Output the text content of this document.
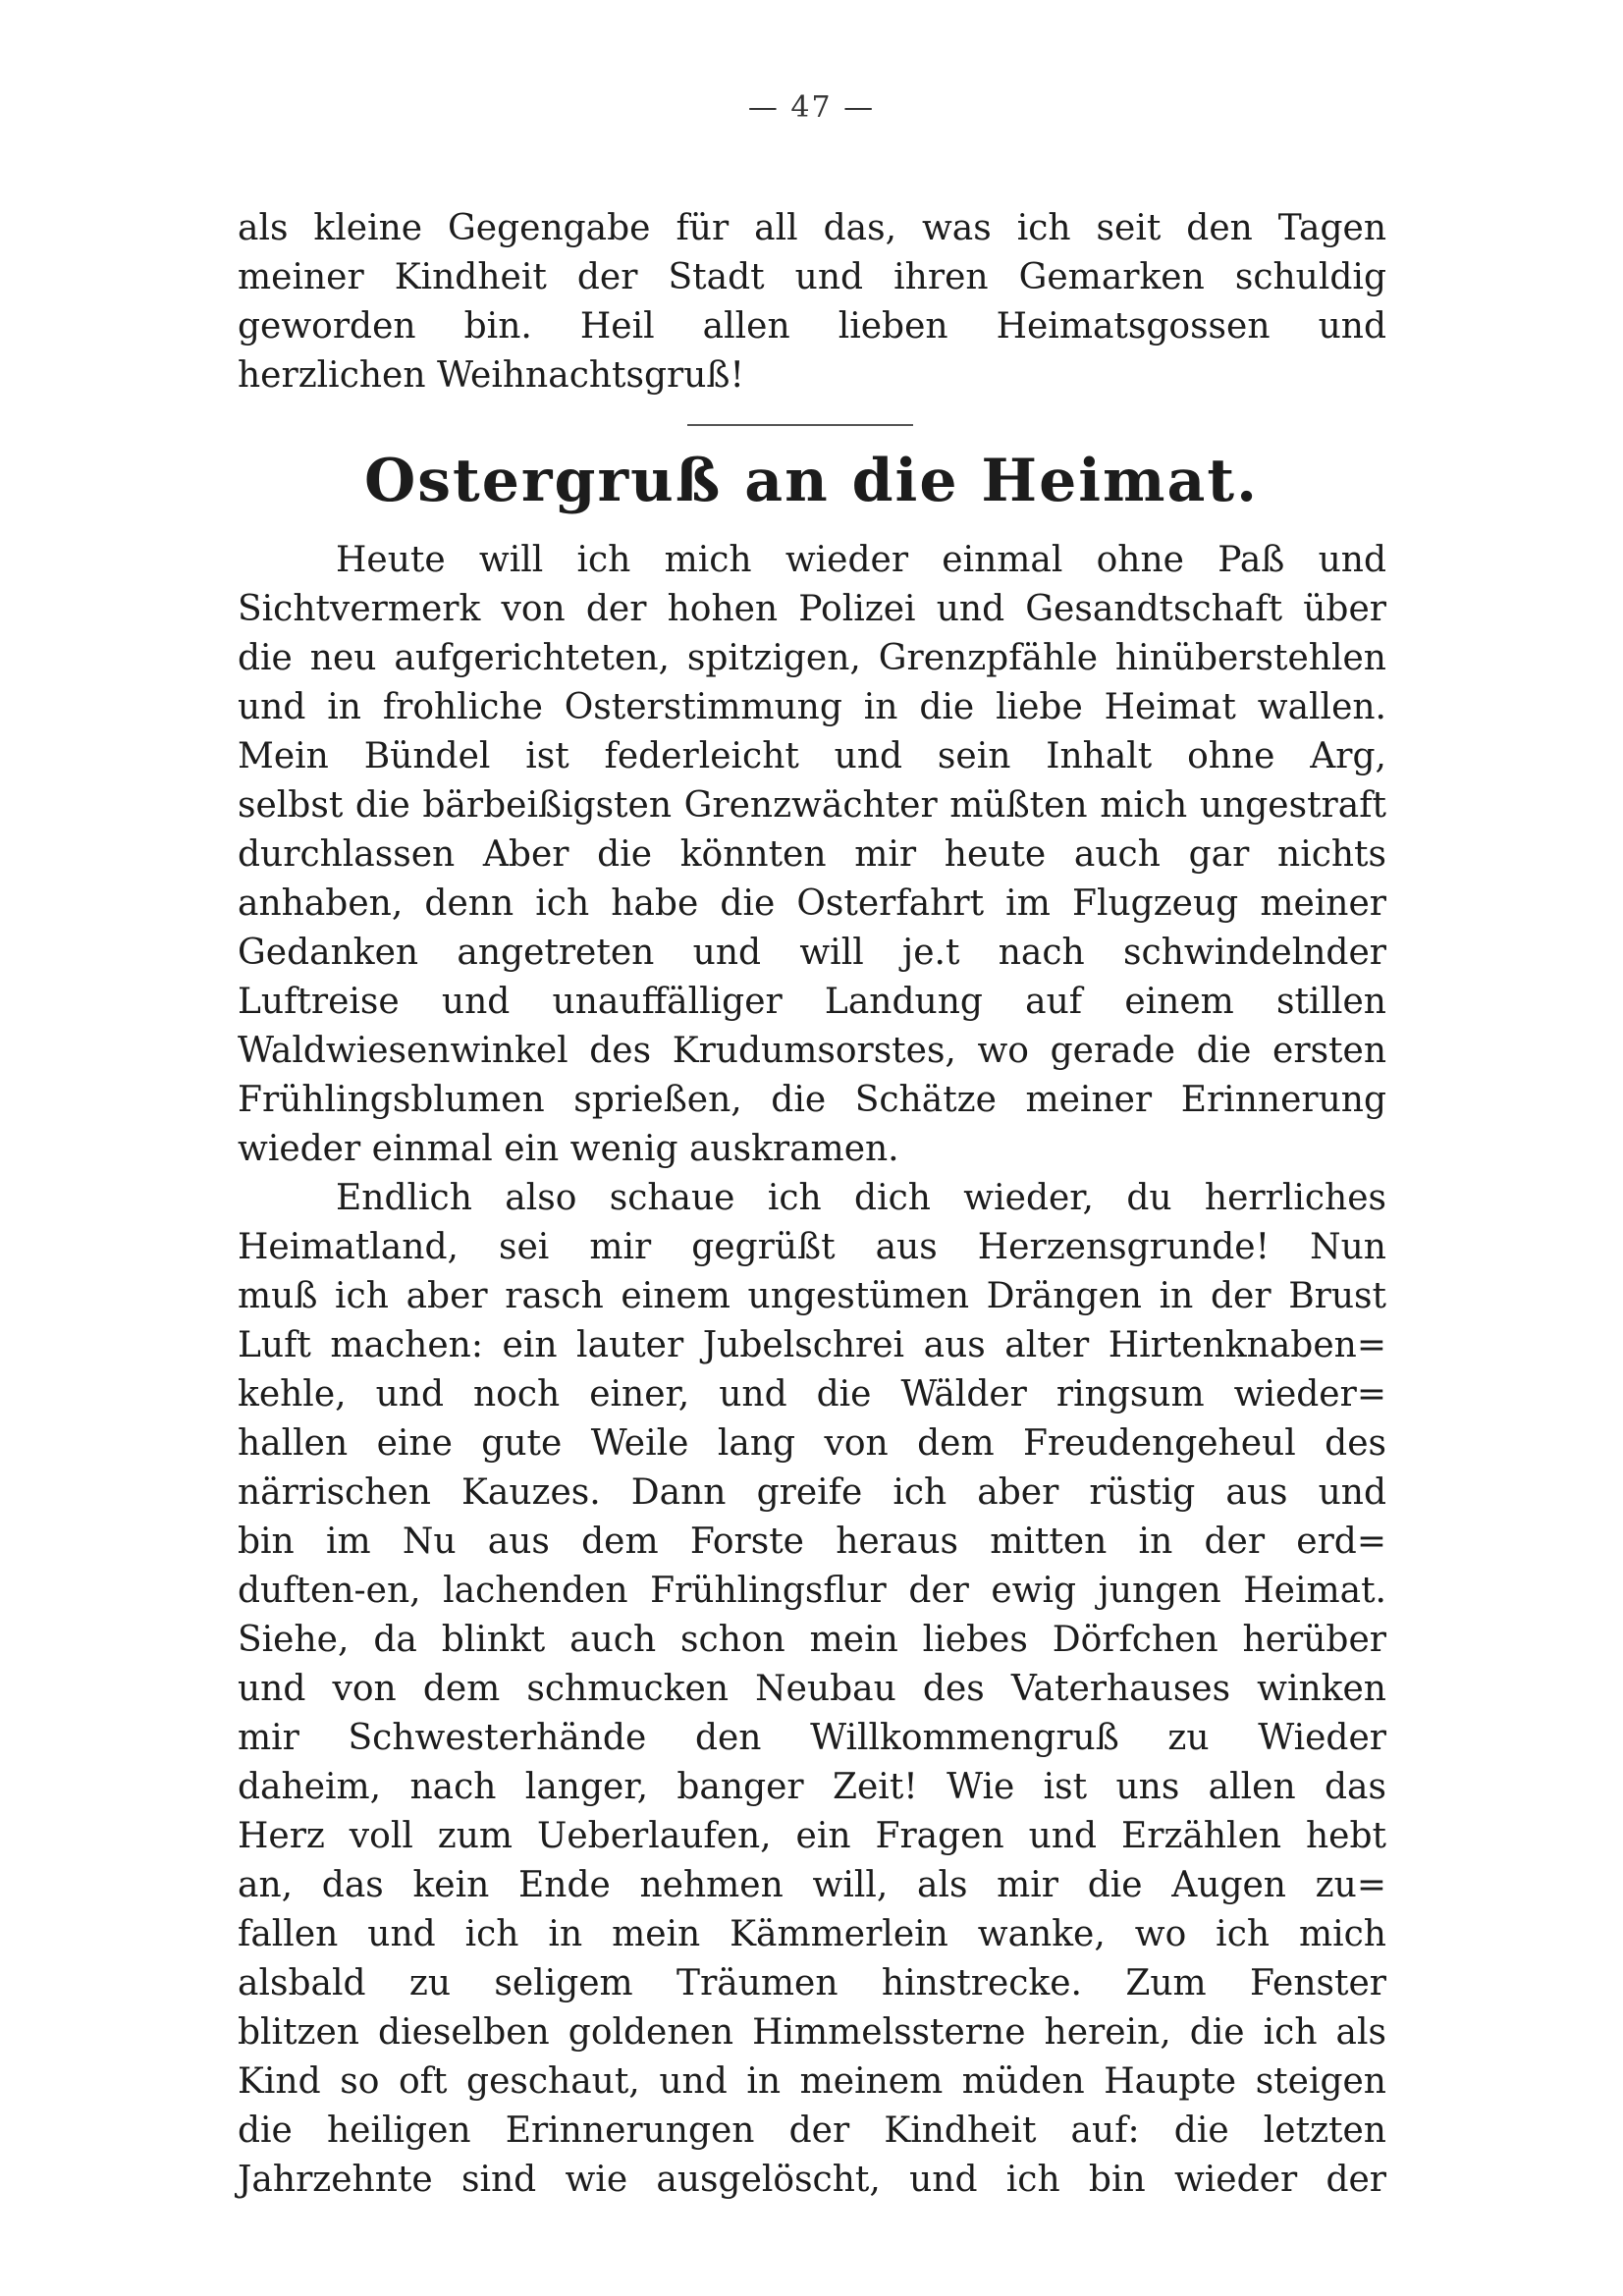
— 47 —
als kleine Gegengabe für all das, was ich seit den Tagen
meiner Kindheit der Stadt und ihren Gemarken schuldig
geworden bin. Heil allen lieben Heimatsgossen und
herzlichen Weihnachtsgruß!
Ostergruß an die Heimat.
Heute will ich mich wieder einmal ohne Paß und
Sichtvermerk von der hohen Polizei und Gesandtschaft über
die neu aufgerichteten, spitzigen, Grenzpfähle hinüberstehlen
und in frohliche Osterstimmung in die liebe Heimat wallen.
Mein Bündel ist federleicht und sein Inhalt ohne Arg,
selbst die bärbeißigsten Grenzwächter müßten mich ungestraft
durchlassen Aber die könnten mir heute auch gar nichts
anhaben, denn ich habe die Osterfahrt im Flugzeug meiner
Gedanken angetreten und will je.t nach schwindelnder
Luftreise und unauffälliger Landung auf einem stillen
Waldwiesenwinkel des Krudumsorstes, wo gerade die ersten
Frühlingsblumen sprießen, die Schätze meiner Erinnerung
wieder einmal ein wenig auskramen.
Endlich also schaue ich dich wieder, du herrliches
Heimatland, sei mir gegrüßt aus Herzensgrunde! Nun
muß ich aber rasch einem ungestümen Drängen in der Brust
Luft machen: ein lauter Jubelschrei aus alter Hirtenknaben=
kehle, und noch einer, und die Wälder ringsum wieder=
hallen eine gute Weile lang von dem Freudengeheul des
närrischen Kauzes. Dann greife ich aber rüstig aus und
bin im Nu aus dem Forste heraus mitten in der erd=
duften-en, lachenden Frühlingsflur der ewig jungen Heimat.
Siehe, da blinkt auch schon mein liebes Dörfchen herüber
und von dem schmucken Neubau des Vaterhauses winken
mir Schwesterhände den Willkommengruß zu Wieder
daheim, nach langer, banger Zeit! Wie ist uns allen das
Herz voll zum Ueberlaufen, ein Fragen und Erzählen hebt
an, das kein Ende nehmen will, als mir die Augen zu=
fallen und ich in mein Kämmerlein wanke, wo ich mich
alsbald zu seligem Träumen hinstrecke. Zum Fenster
blitzen dieselben goldenen Himmelssterne herein, die ich als
Kind so oft geschaut, und in meinem müden Haupte steigen
die heiligen Erinnerungen der Kindheit auf: die letzten
Jahrzehnte sind wie ausgelöscht, und ich bin wieder der
